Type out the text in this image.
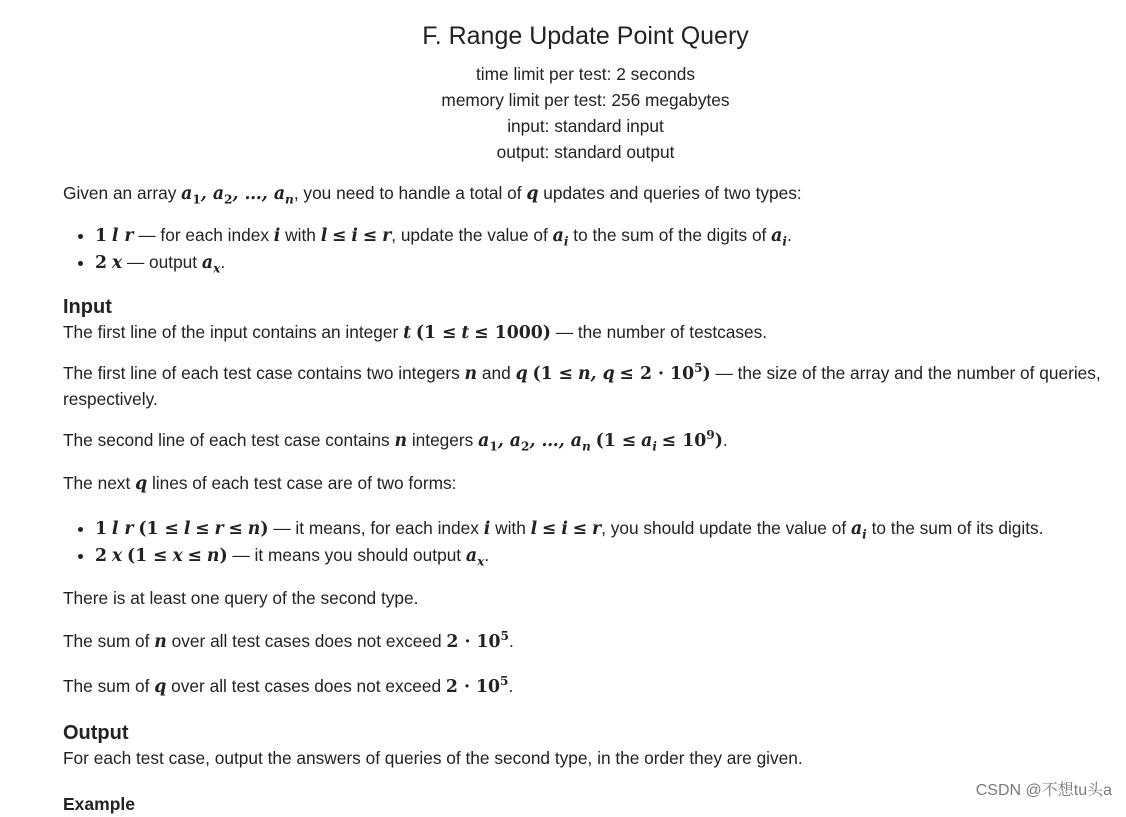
F. Range Update Point Query
time limit per test: 2 seconds
memory limit per test: 256 megabytes
input: standard input
output: standard output

Given an array $a_1$, $a_2$, …, $a_n$, you need to handle a total of q updates and queries of two types:

• 1 l r — for each index i with l ≤ i ≤ r, update the value of $a_i$ to the sum of the digits of $a_i$.
• 2 x — output $a_x$.
Input

The first line of the input contains an integer t (1 ≤ t ≤ 1000) — the number of testcases.

The first line of each test case contains two integers n and q (1 ≤ n, $q \le 2 \cdot 10^5$) — the size of the array and the number of queries, respectively.

The second line of each test case contains n integers $a_1$, $a_2$, …, $a_n$ $(1 \le a_i \le 10^9)$.

The next q lines of each test case are of two forms:

• 1 l r (1 ≤ l ≤ r ≤ n) — it means, for each index i with l ≤ i ≤ r, you should update the value of $a_i$ to the sum of its digits.
• 2 x (1 ≤ x ≤ n) — it means you should output $a_x$.

There is at least one query of the second type.

The sum of n over all test cases does not exceed $2 \cdot 10^5$.

The sum of q over all test cases does not exceed $2 \cdot 10^5$.

Output

For each test case, output the answers of queries of the second type, in the order they are given.

Example
CSDN @不想tu头a
